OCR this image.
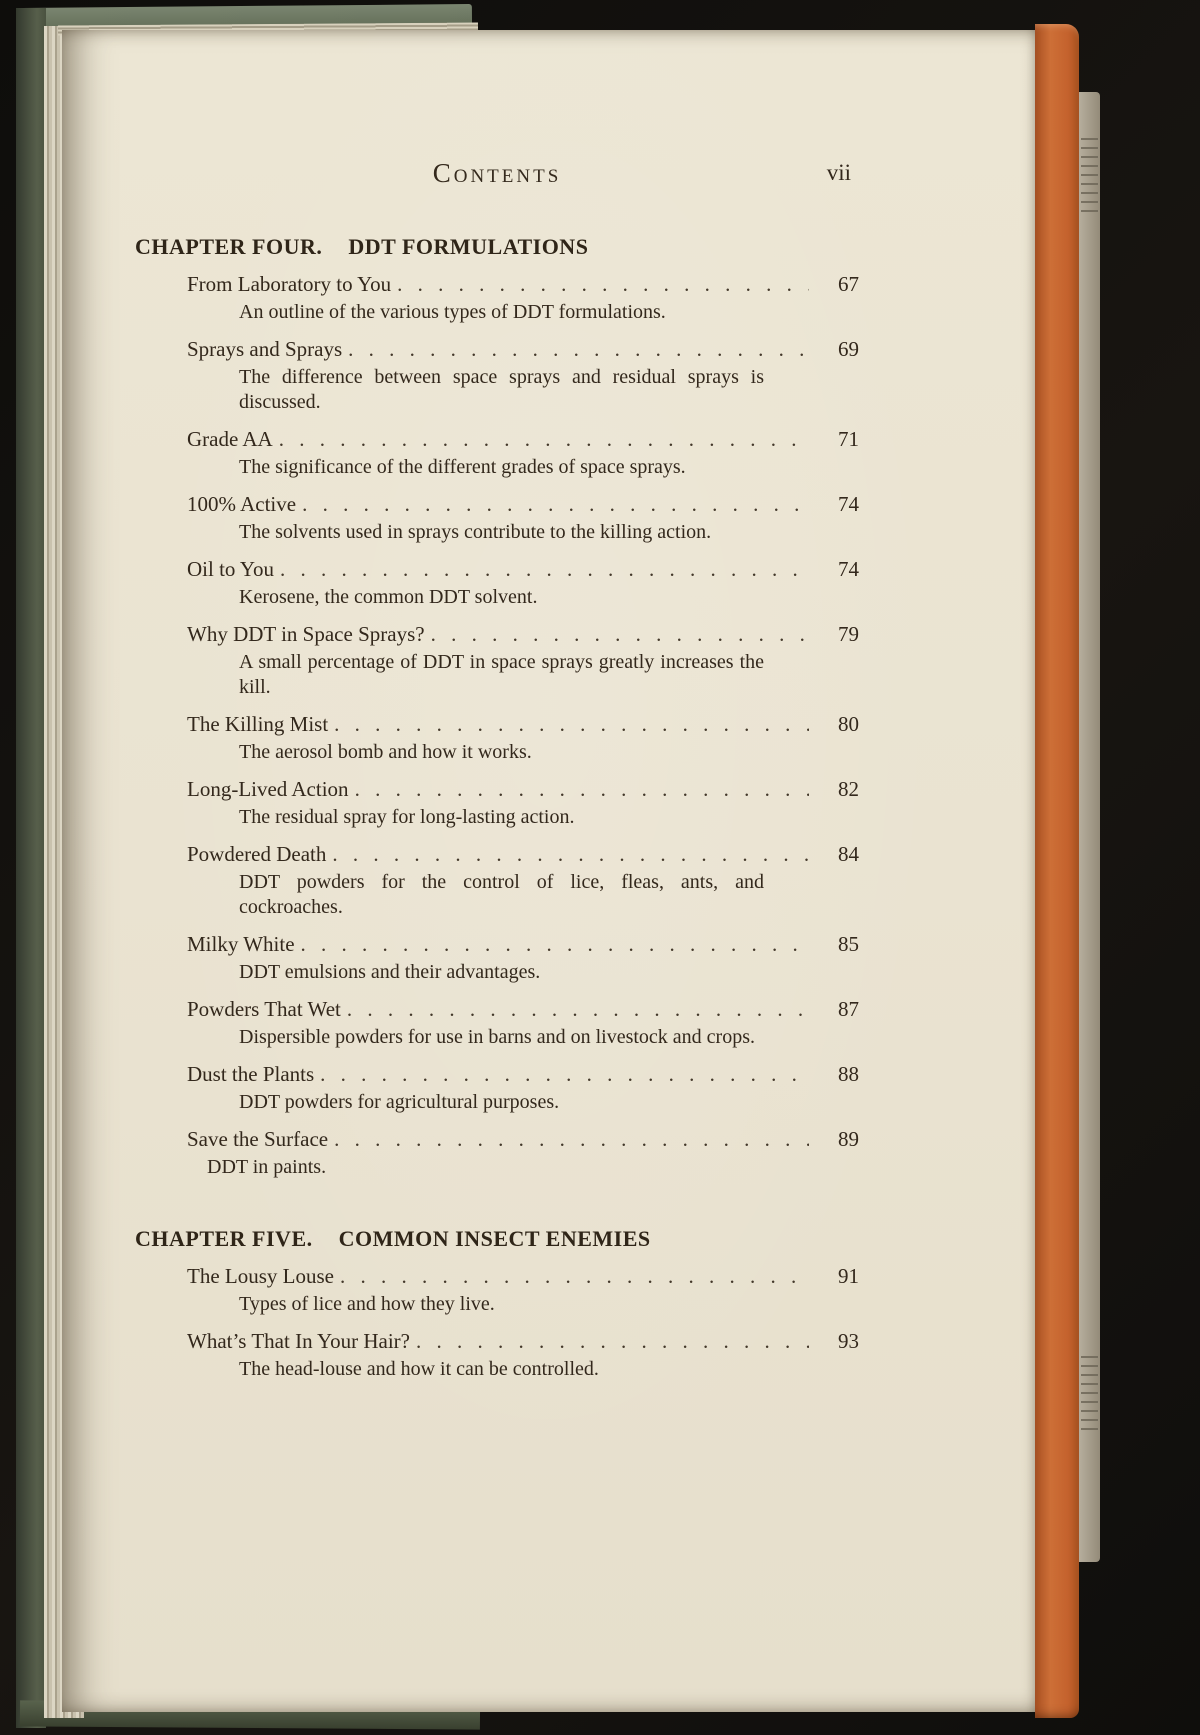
Contents	vii
CHAPTER FOUR. DDT FORMULATIONS
From Laboratory to You . . .	67
An outline of the various types of DDT formulations.
Sprays and Sprays . . .	69
The difference between space sprays and residual sprays is discussed.
Grade AA . . .	71
The significance of the different grades of space sprays.
100% Active . . .	74
The solvents used in sprays contribute to the killing action.
Oil to You . . .	74
Kerosene, the common DDT solvent.
Why DDT in Space Sprays? . . .	79
A small percentage of DDT in space sprays greatly increases the kill.
The Killing Mist . . .	80
The aerosol bomb and how it works.
Long-Lived Action . . .	82
The residual spray for long-lasting action.
Powdered Death . . .	84
DDT powders for the control of lice, fleas, ants, and cockroaches.
Milky White . . .	85
DDT emulsions and their advantages.
Powders That Wet . . .	87
Dispersible powders for use in barns and on livestock and crops.
Dust the Plants . . .	88
DDT powders for agricultural purposes.
Save the Surface . . .	89
DDT in paints.
CHAPTER FIVE. COMMON INSECT ENEMIES
The Lousy Louse . . .	91
Types of lice and how they live.
What’s That In Your Hair? . . .	93
The head-louse and how it can be controlled.
